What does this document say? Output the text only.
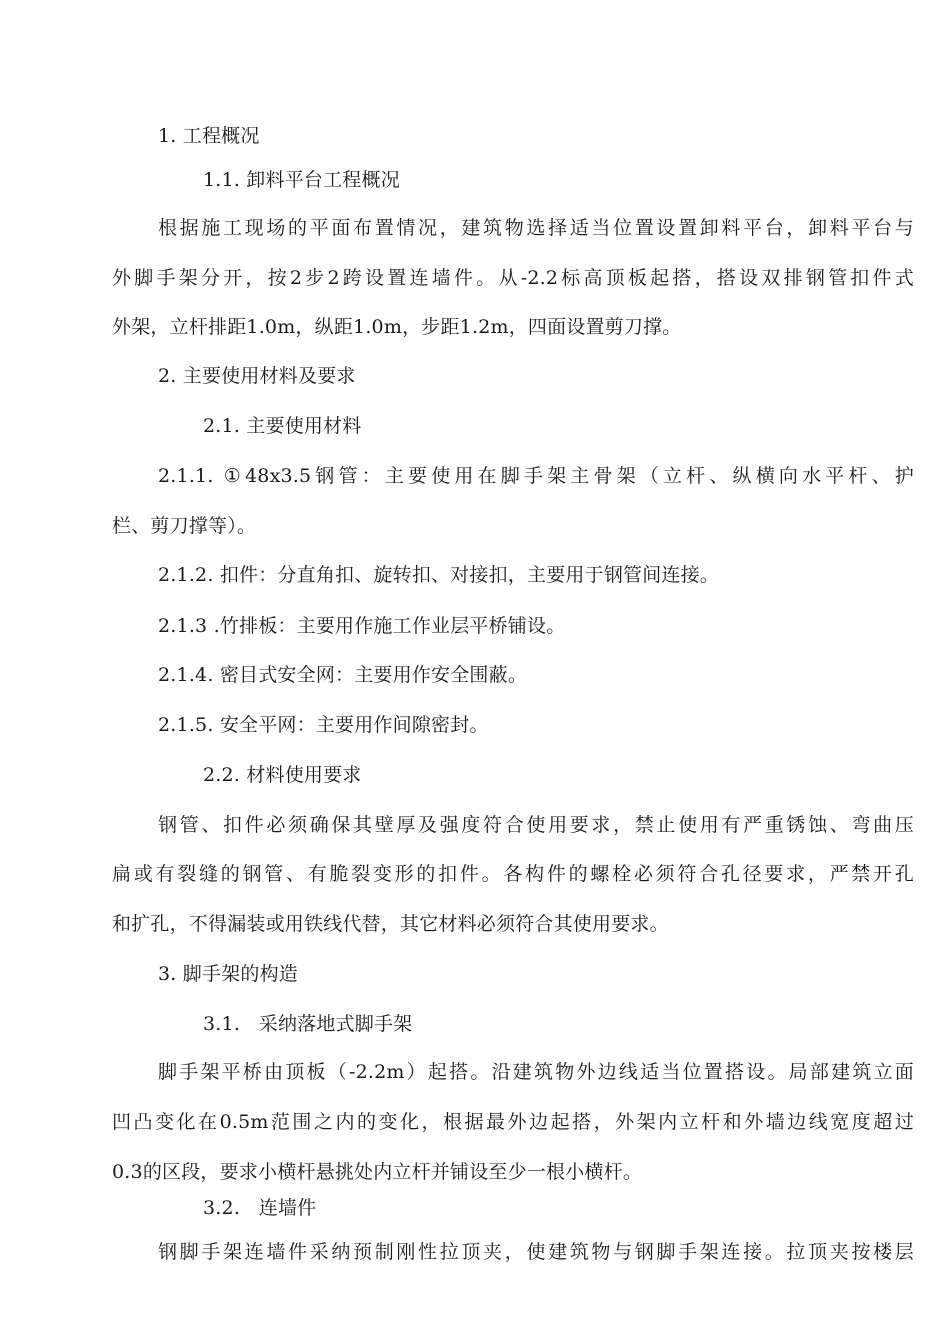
1. 工程概况
1.1. 卸料平台工程概况
根据施工现场的平面布置情况，建筑物选择适当位置设置卸料平台，卸料平台与
外脚手架分开，按2步2跨设置连墙件。从-2.2标高顶板起搭，搭设双排钢管扣件式
外架，立杆排距1.0m，纵距1.0m，步距1.2m，四面设置剪刀撑。
2. 主要使用材料及要求
2.1. 主要使用材料
2.1.1. ①48x3.5钢管：主要使用在脚手架主骨架（立杆、纵横向水平杆、护
栏、剪刀撑等）。
2.1.2. 扣件：分直角扣、旋转扣、对接扣，主要用于钢管间连接。
2.1.3 .竹排板：主要用作施工作业层平桥铺设。
2.1.4. 密目式安全网：主要用作安全围蔽。
2.1.5. 安全平网：主要用作间隙密封。
2.2. 材料使用要求
钢管、扣件必须确保其壁厚及强度符合使用要求，禁止使用有严重锈蚀、弯曲压
扁或有裂缝的钢管、有脆裂变形的扣件。各构件的螺栓必须符合孔径要求，严禁开孔
和扩孔，不得漏装或用铁线代替，其它材料必须符合其使用要求。
3. 脚手架的构造
3.1.   采纳落地式脚手架
脚手架平桥由顶板（-2.2m）起搭。沿建筑物外边线适当位置搭设。局部建筑立面
凹凸变化在0.5m范围之内的变化，根据最外边起搭，外架内立杆和外墙边线宽度超过
0.3的区段，要求小横杆悬挑处内立杆并铺设至少一根小横杆。
3.2.   连墙件
钢脚手架连墙件采纳预制刚性拉顶夹，使建筑物与钢脚手架连接。拉顶夹按楼层
